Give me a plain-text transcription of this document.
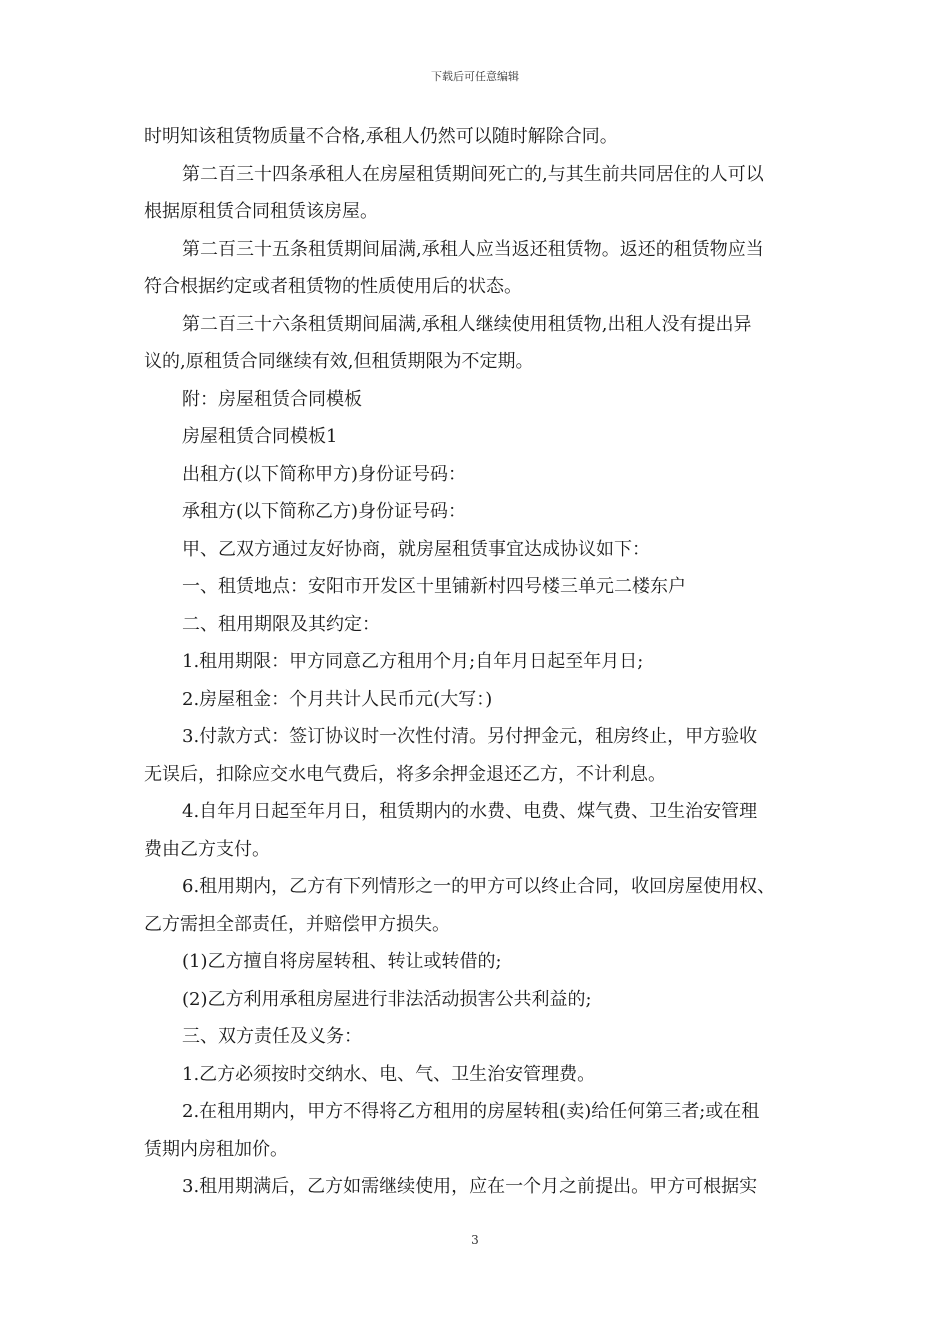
下载后可任意编辑
时明知该租赁物质量不合格,承租人仍然可以随时解除合同。
第二百三十四条承租人在房屋租赁期间死亡的,与其生前共同居住的人可以
根据原租赁合同租赁该房屋。
第二百三十五条租赁期间届满,承租人应当返还租赁物。返还的租赁物应当
符合根据约定或者租赁物的性质使用后的状态。
第二百三十六条租赁期间届满,承租人继续使用租赁物,出租人没有提出异
议的,原租赁合同继续有效,但租赁期限为不定期。
附：房屋租赁合同模板
房屋租赁合同模板1
出租方(以下简称甲方)身份证号码：
承租方(以下简称乙方)身份证号码：
甲、乙双方通过友好协商，就房屋租赁事宜达成协议如下：
一、租赁地点：安阳市开发区十里铺新村四号楼三单元二楼东户
二、租用期限及其约定：
1.租用期限：甲方同意乙方租用个月;自年月日起至年月日;
2.房屋租金：个月共计人民币元(大写：)
3.付款方式：签订协议时一次性付清。另付押金元，租房终止，甲方验收
无误后，扣除应交水电气费后，将多余押金退还乙方，不计利息。
4.自年月日起至年月日，租赁期内的水费、电费、煤气费、卫生治安管理
费由乙方支付。
6.租用期内，乙方有下列情形之一的甲方可以终止合同，收回房屋使用权、
乙方需担全部责任，并赔偿甲方损失。
(1)乙方擅自将房屋转租、转让或转借的;
(2)乙方利用承租房屋进行非法活动损害公共利益的;
三、双方责任及义务：
1.乙方必须按时交纳水、电、气、卫生治安管理费。
2.在租用期内，甲方不得将乙方租用的房屋转租(卖)给任何第三者;或在租
赁期内房租加价。
3.租用期满后，乙方如需继续使用，应在一个月之前提出。甲方可根据实
3
